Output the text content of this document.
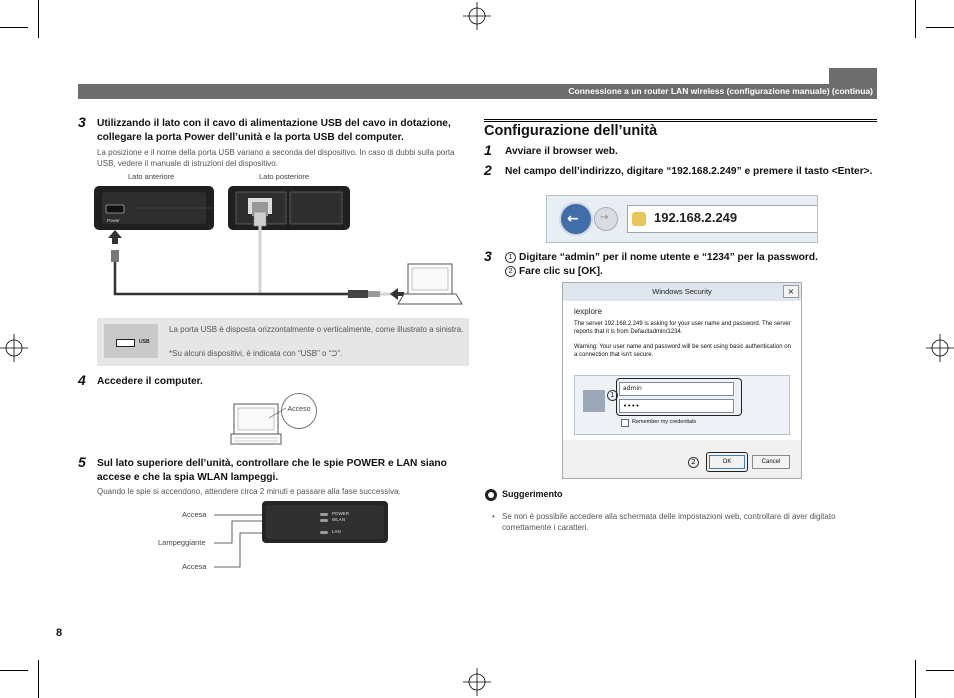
Connessione a un router LAN wireless (configurazione manuale) (continua)
3 Utilizzando il lato con il cavo di alimentazione USB del cavo in dotazione, collegare la porta Power dell’unità e la porta USB del computer.
La posizione e il nome della porta USB variano a seconda del dispositivo. In caso di dubbi sulla porta USB, vedere il manuale di istruzioni del dispositivo.
Lato anteriore	Lato posteriore
Power
USB
La porta USB è disposta orizzontalmente o verticalmente, come illustrato a sinistra.
*Su alcuni dispositivi, è indicata con “USB” o “⮊”.
4 Accedere il computer.
Acceso
5 Sul lato superiore dell’unità, controllare che le spie POWER e LAN siano accese e che la spia WLAN lampeggi.
Quando le spie si accendono, attendere circa 2 minuti e passare alla fase successiva.
Accesa
Lampeggiante
Accesa
POWER
WLAN
LAN
8
Configurazione dell’unità
1 Avviare il browser web.
2 Nel campo dell’indirizzo, digitare “192.168.2.249” e premere il tasto <Enter>.
← →	192.168.2.249
3	1 Digitare “admin” per il nome utente e “1234” per la password.
2 Fare clic su [OK].
Windows Security	×
iexplore
The server 192.168.2.249 is asking for your user name and password. The server reports that it is from Defaultadmin/1234.
Warning: Your user name and password will be sent using basic authentication on a connection that isn't secure.
1
admin
••••
Remember my credentials
2	OK	Cancel
Suggerimento
• Se non è possibile accedere alla schermata delle impostazioni web, controllare di aver digitato correttamente i caratteri.
